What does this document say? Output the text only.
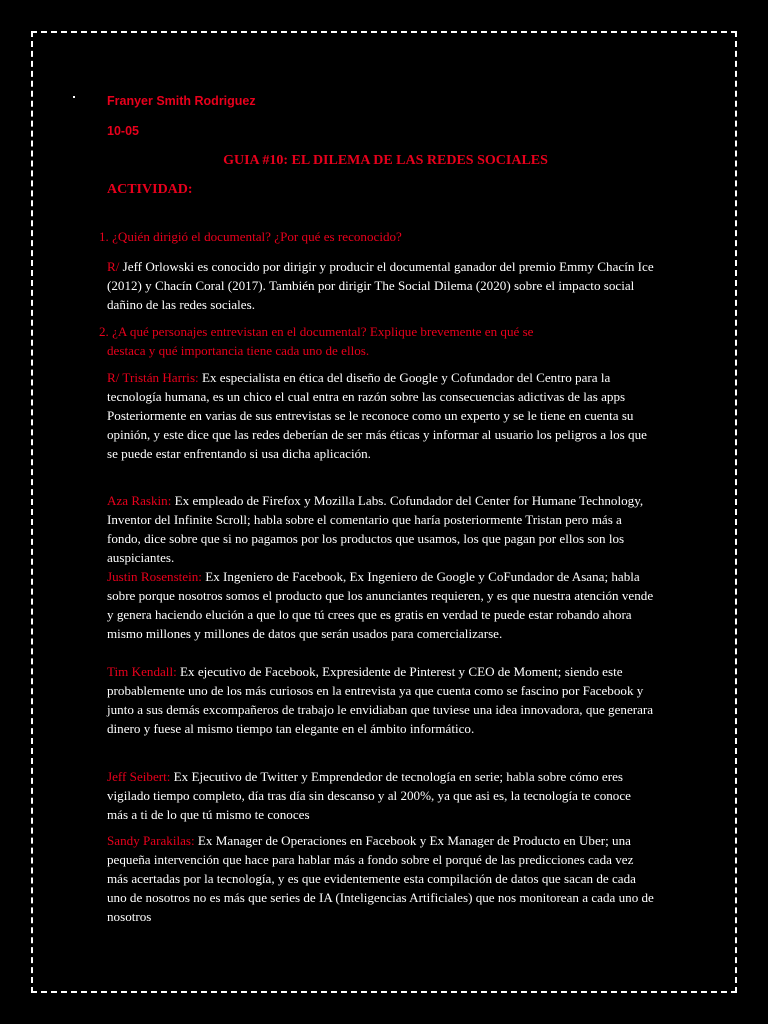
Franyer Smith Rodriguez

10-05

GUIA #10: EL DILEMA DE LAS REDES SOCIALES

ACTIVIDAD:

1. ¿Quién dirigió el documental? ¿Por qué es reconocido?

R/ Jeff Orlowski es conocido por dirigir y producir el documental ganador del premio Emmy Chacín Ice (2012) y Chacín Coral (2017). También por dirigir The Social Dilema (2020) sobre el impacto social dañino de las redes sociales.

2. ¿A qué personajes entrevistan en el documental? Explique brevemente en qué se
destaca y qué importancia tiene cada uno de ellos.

R/ Tristán Harris: Ex especialista en ética del diseño de Google y Cofundador del Centro para la tecnología humana, es un chico el cual entra en razón sobre las consecuencias adictivas de las apps Posteriormente en varias de sus entrevistas se le reconoce como un experto y se le tiene en cuenta su opinión, y este dice que las redes deberían de ser más éticas y informar al usuario los peligros a los que se puede estar enfrentando si usa dicha aplicación.

Aza Raskin: Ex empleado de Firefox y Mozilla Labs. Cofundador del Center for Humane Technology, Inventor del Infinite Scroll; habla sobre el comentario que haría posteriormente Tristan pero más a fondo, dice sobre que si no pagamos por los productos que usamos, los que pagan por ellos son los auspiciantes.

Justin Rosenstein: Ex Ingeniero de Facebook, Ex Ingeniero de Google y CoFundador de Asana; habla sobre porque nosotros somos el producto que los anunciantes requieren, y es que nuestra atención vende y genera haciendo elución a que lo que tú crees que es gratis en verdad te puede estar robando ahora mismo millones y millones de datos que serán usados para comercializarse.

Tim Kendall: Ex ejecutivo de Facebook, Expresidente de Pinterest y CEO de Moment; siendo este probablemente uno de los más curiosos en la entrevista ya que cuenta como se fascino por Facebook y junto a sus demás excompañeros de trabajo le envidiaban que tuviese una idea innovadora, que generara dinero y fuese al mismo tiempo tan elegante en el ámbito informático.

Jeff Seibert: Ex Ejecutivo de Twitter y Emprendedor de tecnología en serie; habla sobre cómo eres vigilado tiempo completo, día tras día sin descanso y al 200%, ya que asi es, la tecnología te conoce más a ti de lo que tú mismo te conoces

Sandy Parakilas: Ex Manager de Operaciones en Facebook y Ex Manager de Producto en Uber; una pequeña intervención que hace para hablar más a fondo sobre el porqué de las predicciones cada vez más acertadas por la tecnología, y es que evidentemente esta compilación de datos que sacan de cada uno de nosotros no es más que series de IA (Inteligencias Artificiales) que nos monitorean a cada uno de nosotros
